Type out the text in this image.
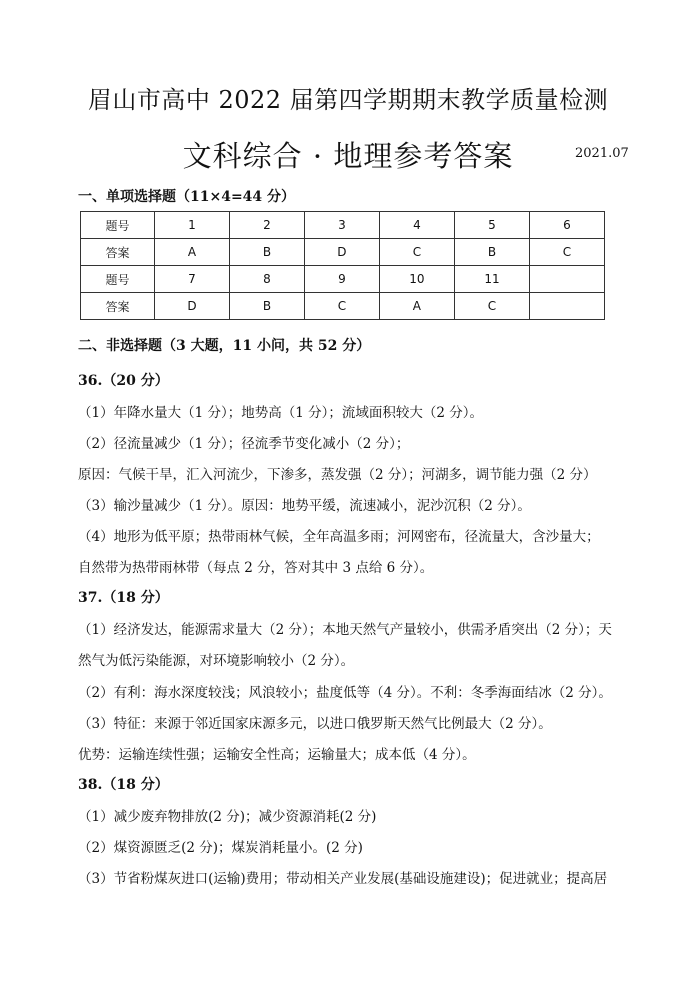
眉山市高中 2022 届第四学期期末教学质量检测
文科综合 · 地理参考答案	2021.07
一、单项选择题（11×4=44 分）
题号	1	2	3	4	5	6
答案	A	B	D	C	B	C
题号	7	8	9	10	11	
答案	D	B	C	A	C	
二、非选择题（3 大题，11 小问，共 52 分）
36.（20 分）
（1）年降水量大（1 分）；地势高（1 分）；流域面积较大（2 分）。
（2）径流量减少（1 分）；径流季节变化减小（2 分）；
原因：气候干旱，汇入河流少，下渗多，蒸发强（2 分）；河湖多，调节能力强（2 分）
（3）输沙量减少（1 分）。原因：地势平缓，流速减小，泥沙沉积（2 分）。
（4）地形为低平原；热带雨林气候，全年高温多雨；河网密布，径流量大，含沙量大；
自然带为热带雨林带（每点 2 分，答对其中 3 点给 6 分）。
37.（18 分）
（1）经济发达，能源需求量大（2 分）；本地天然气产量较小，供需矛盾突出（2 分）；天
然气为低污染能源，对环境影响较小（2 分）。
（2）有利：海水深度较浅；风浪较小；盐度低等（4 分）。不利：冬季海面结冰（2 分）。
（3）特征：来源于邻近国家床源多元，以进口俄罗斯天然气比例最大（2 分）。
优势：运输连续性强；运输安全性高；运输量大；成本低（4 分）。
38.（18 分）
（1）减少废弃物排放(2 分)；减少资源消耗(2 分)
（2）煤资源匮乏(2 分)；煤炭消耗量小。(2 分)
（3）节省粉煤灰进口(运输)费用；带动相关产业发展(基础设施建设)；促进就业；提高居
